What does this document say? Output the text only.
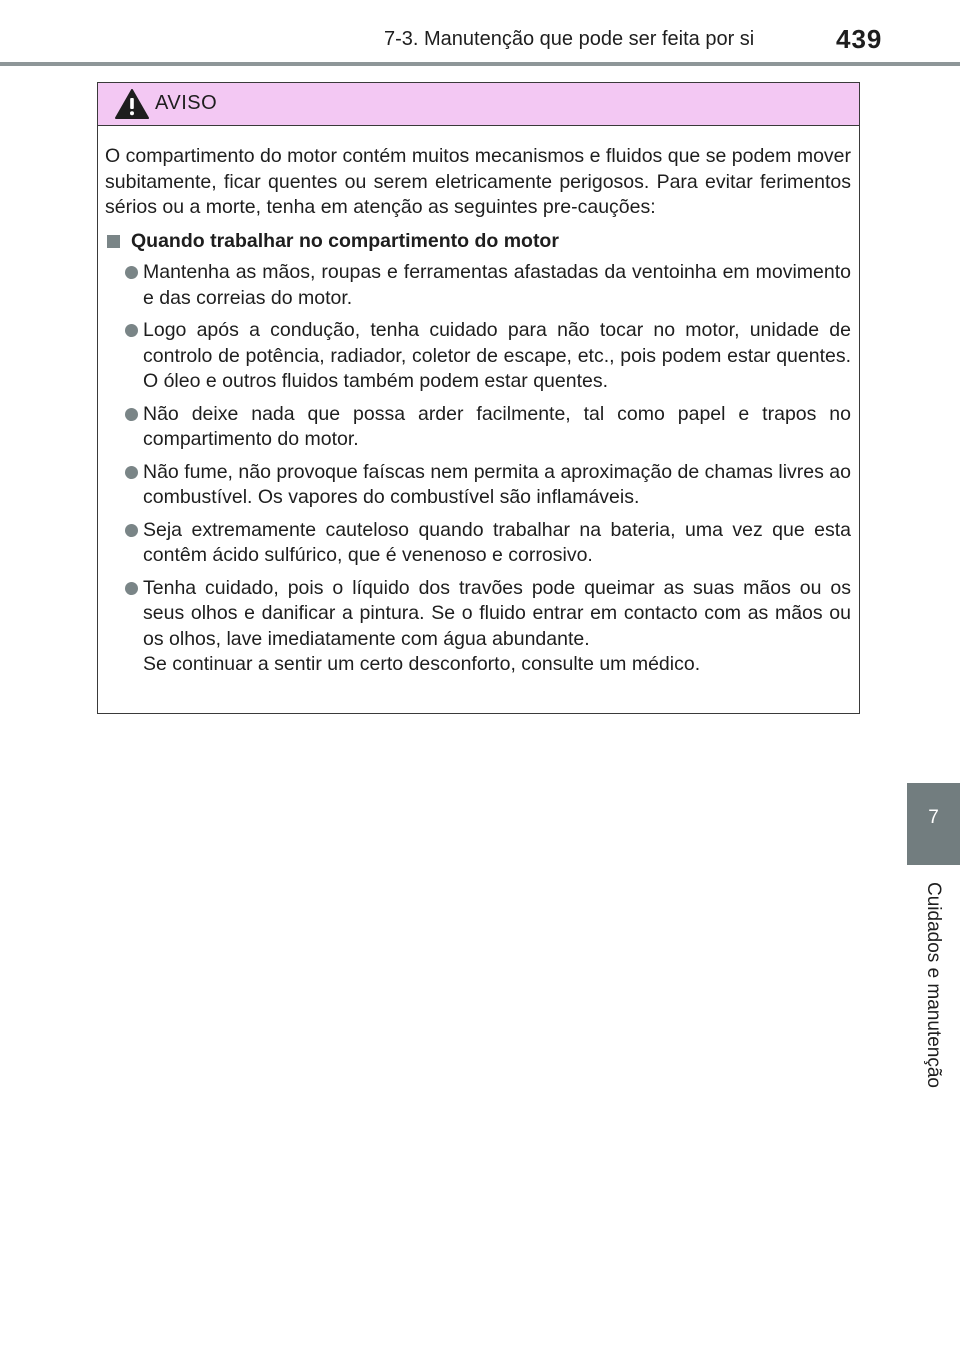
7-3. Manutenção que pode ser feita por si	439
AVISO

O compartimento do motor contém muitos mecanismos e fluidos que se podem mover subitamente, ficar quentes ou serem eletricamente perigosos. Para evitar ferimentos sérios ou a morte, tenha em atenção as seguintes pre-cauções:

Quando trabalhar no compartimento do motor

Mantenha as mãos, roupas e ferramentas afastadas da ventoinha em movimento e das correias do motor.

Logo após a condução, tenha cuidado para não tocar no motor, unidade de controlo de potência, radiador, coletor de escape, etc., pois podem estar quentes. O óleo e outros fluidos também podem estar quentes.

Não deixe nada que possa arder facilmente, tal como papel e trapos no compartimento do motor.

Não fume, não provoque faíscas nem permita a aproximação de chamas livres ao combustível. Os vapores do combustível são inflamáveis.

Seja extremamente cauteloso quando trabalhar na bateria, uma vez que esta contêm ácido sulfúrico, que é venenoso e corrosivo.

Tenha cuidado, pois o líquido dos travões pode queimar as suas mãos ou os seus olhos e danificar a pintura. Se o fluido entrar em contacto com as mãos ou os olhos, lave imediatamente com água abundante.

Se continuar a sentir um certo desconforto, consulte um médico.

7
Cuidados e manutenção
